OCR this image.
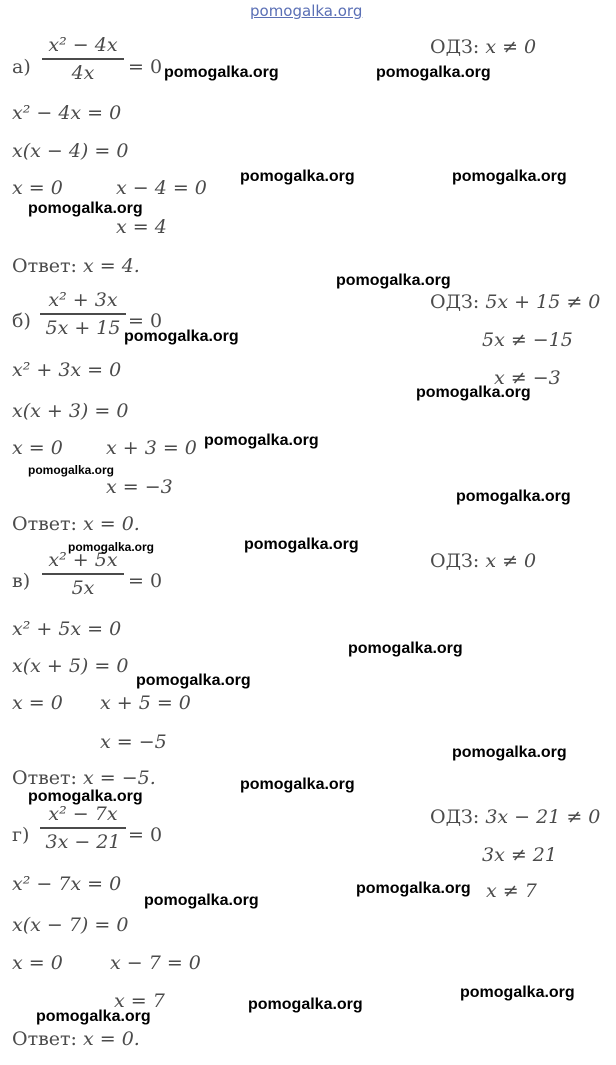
pomogalka.org
а)
x² − 4x
4x	= 0
ОДЗ: x ≠ 0
x² − 4x = 0
x(x − 4) = 0
x = 0	x − 4 = 0
x = 4
Ответ: x = 4.
б)
x² + 3x
5x + 15 = 0
ОДЗ: 5x + 15 ≠ 0
5x ≠ −15
x ≠ −3
x² + 3x = 0
x(x + 3) = 0
x = 0 x + 3 = 0
x = −3
Ответ: x = 0.
в)
x² + 5x
5x	= 0
ОДЗ: x ≠ 0
x² + 5x = 0
x(x + 5) = 0
x = 0 x + 5 = 0
x = −5
Ответ: x = −5.
г)
x² − 7x
3x − 21 = 0
ОДЗ: 3x − 21 ≠ 0
3x ≠ 21
x ≠ 7
x² − 7x = 0
x(x − 7) = 0
x = 0 x − 7 = 0
x = 7
Ответ: x = 0.
pomogalka.org	pomogalka.org
pomogalka.org	pomogalka.org
pomogalka.org
pomogalka.org
pomogalka.org
pomogalka.org
pomogalka.org
pomogalka.org
pomogalka.org
pomogalka.org	pomogalka.org
pomogalka.org
pomogalka.org
pomogalka.org
pomogalka.org
pomogalka.org
pomogalka.org
pomogalka.org
pomogalka.org
pomogalka.org
pomogalka.org
